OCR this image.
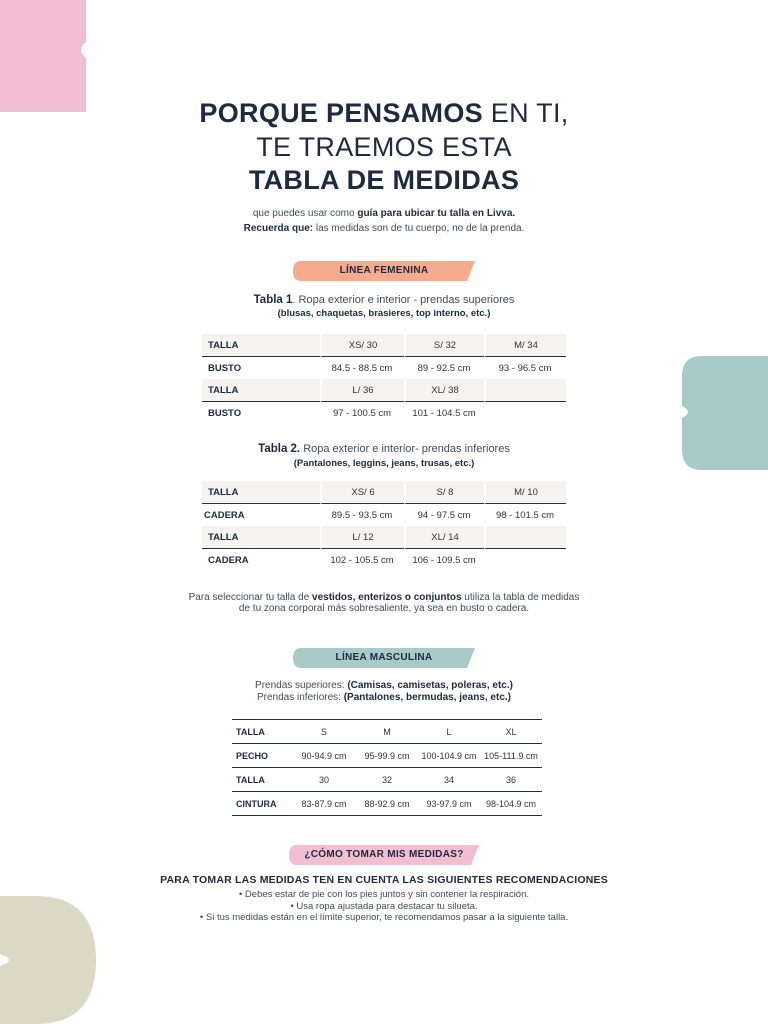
PORQUE PENSAMOS EN TI,
TE TRAEMOS ESTA
TABLA DE MEDIDAS
que puedes usar como guía para ubicar tu talla en Livva.
Recuerda que: las medidas son de tu cuerpo, no de la prenda.
LÍNEA FEMENINA
Tabla 1. Ropa exterior e interior - prendas superiores
(blusas, chaquetas, brasieres, top interno, etc.)
TALLA	XS/ 30	S/ 32	M/ 34
BUSTO	84.5 - 88.5 cm	89 - 92.5 cm	93 - 96.5 cm
TALLA	L/ 36	XL/ 38	
BUSTO	97 - 100.5 cm	101 - 104.5 cm	
Tabla 2. Ropa exterior e interior- prendas inferiores
(Pantalones, leggins, jeans, trusas, etc.)
TALLA	XS/ 6	S/ 8	M/ 10
CADERA	89.5 - 93.5 cm	94 - 97.5 cm	98 - 101.5 cm
TALLA	L/ 12	XL/ 14	
CADERA	102 - 105.5 cm	106 - 109.5 cm	
Para seleccionar tu talla de vestidos, enterizos o conjuntos utiliza la tabla de medidas
de tu zona corporal más sobresaliente, ya sea en busto o cadera.
LÍNEA MASCULINA
Prendas superiores: (Camisas, camisetas, poleras, etc.)
Prendas inferiores: (Pantalones, bermudas, jeans, etc.)
TALLA	S	M	L	XL
PECHO	90-94.9 cm	95-99.9 cm	100-104.9 cm	105-111.9 cm
TALLA	30	32	34	36
CINTURA	83-87.9 cm	88-92.9 cm	93-97.9 cm	98-104.9 cm
¿CÓMO TOMAR MIS MEDIDAS?
PARA TOMAR LAS MEDIDAS TEN EN CUENTA LAS SIGUIENTES RECOMENDACIONES
• Debes estar de pie con los pies juntos y sin contener la respiración.
• Usa ropa ajustada para destacar tu silueta.
• Si tus medidas están en el límite superior, te recomendamos pasar a la siguiente talla.
